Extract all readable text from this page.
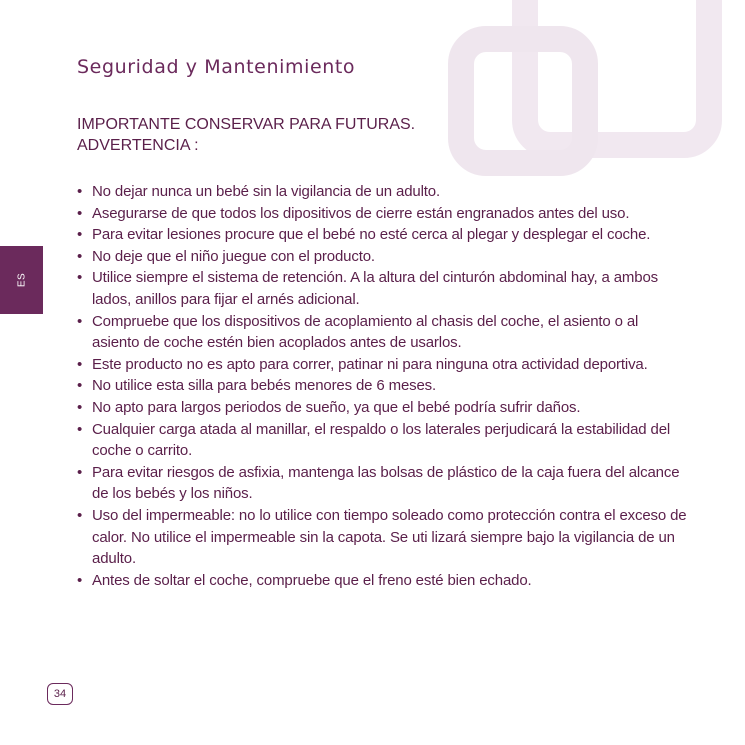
ES
Seguridad y Mantenimiento

IMPORTANTE CONSERVAR PARA FUTURAS.

ADVERTENCIA :

• No dejar nunca un bebé sin la vigilancia de un adulto.
• Asegurarse de que todos los dipositivos de cierre están engranados antes del uso.
• Para evitar lesiones procure que el bebé no esté cerca al plegar y desplegar el coche.
• No deje que el niño juegue con el producto.
• Utilice siempre el sistema de retención. A la altura del cinturón abdominal hay, a ambos lados, anillos para fijar el arnés adicional.
• Compruebe que los dispositivos de acoplamiento al chasis del coche, el asiento o al asiento de coche estén bien acoplados antes de usarlos.
• Este producto no es apto para correr, patinar ni para ninguna otra actividad deportiva.
• No utilice esta silla para bebés menores de 6 meses.
• No apto para largos periodos de sueño, ya que el bebé podría sufrir daños.
• Cualquier carga atada al manillar, el respaldo o los laterales perjudicará la estabilidad del coche o carrito.
• Para evitar riesgos de asfixia, mantenga las bolsas de plástico de la caja fuera del alcance de los bebés y los niños.
• Uso del impermeable: no lo utilice con tiempo soleado como protección contra el exceso de calor. No utilice el impermeable sin la capota. Se uti lizará siempre bajo la vigilancia de un adulto.
• Antes de soltar el coche, compruebe que el freno esté bien echado.
34
